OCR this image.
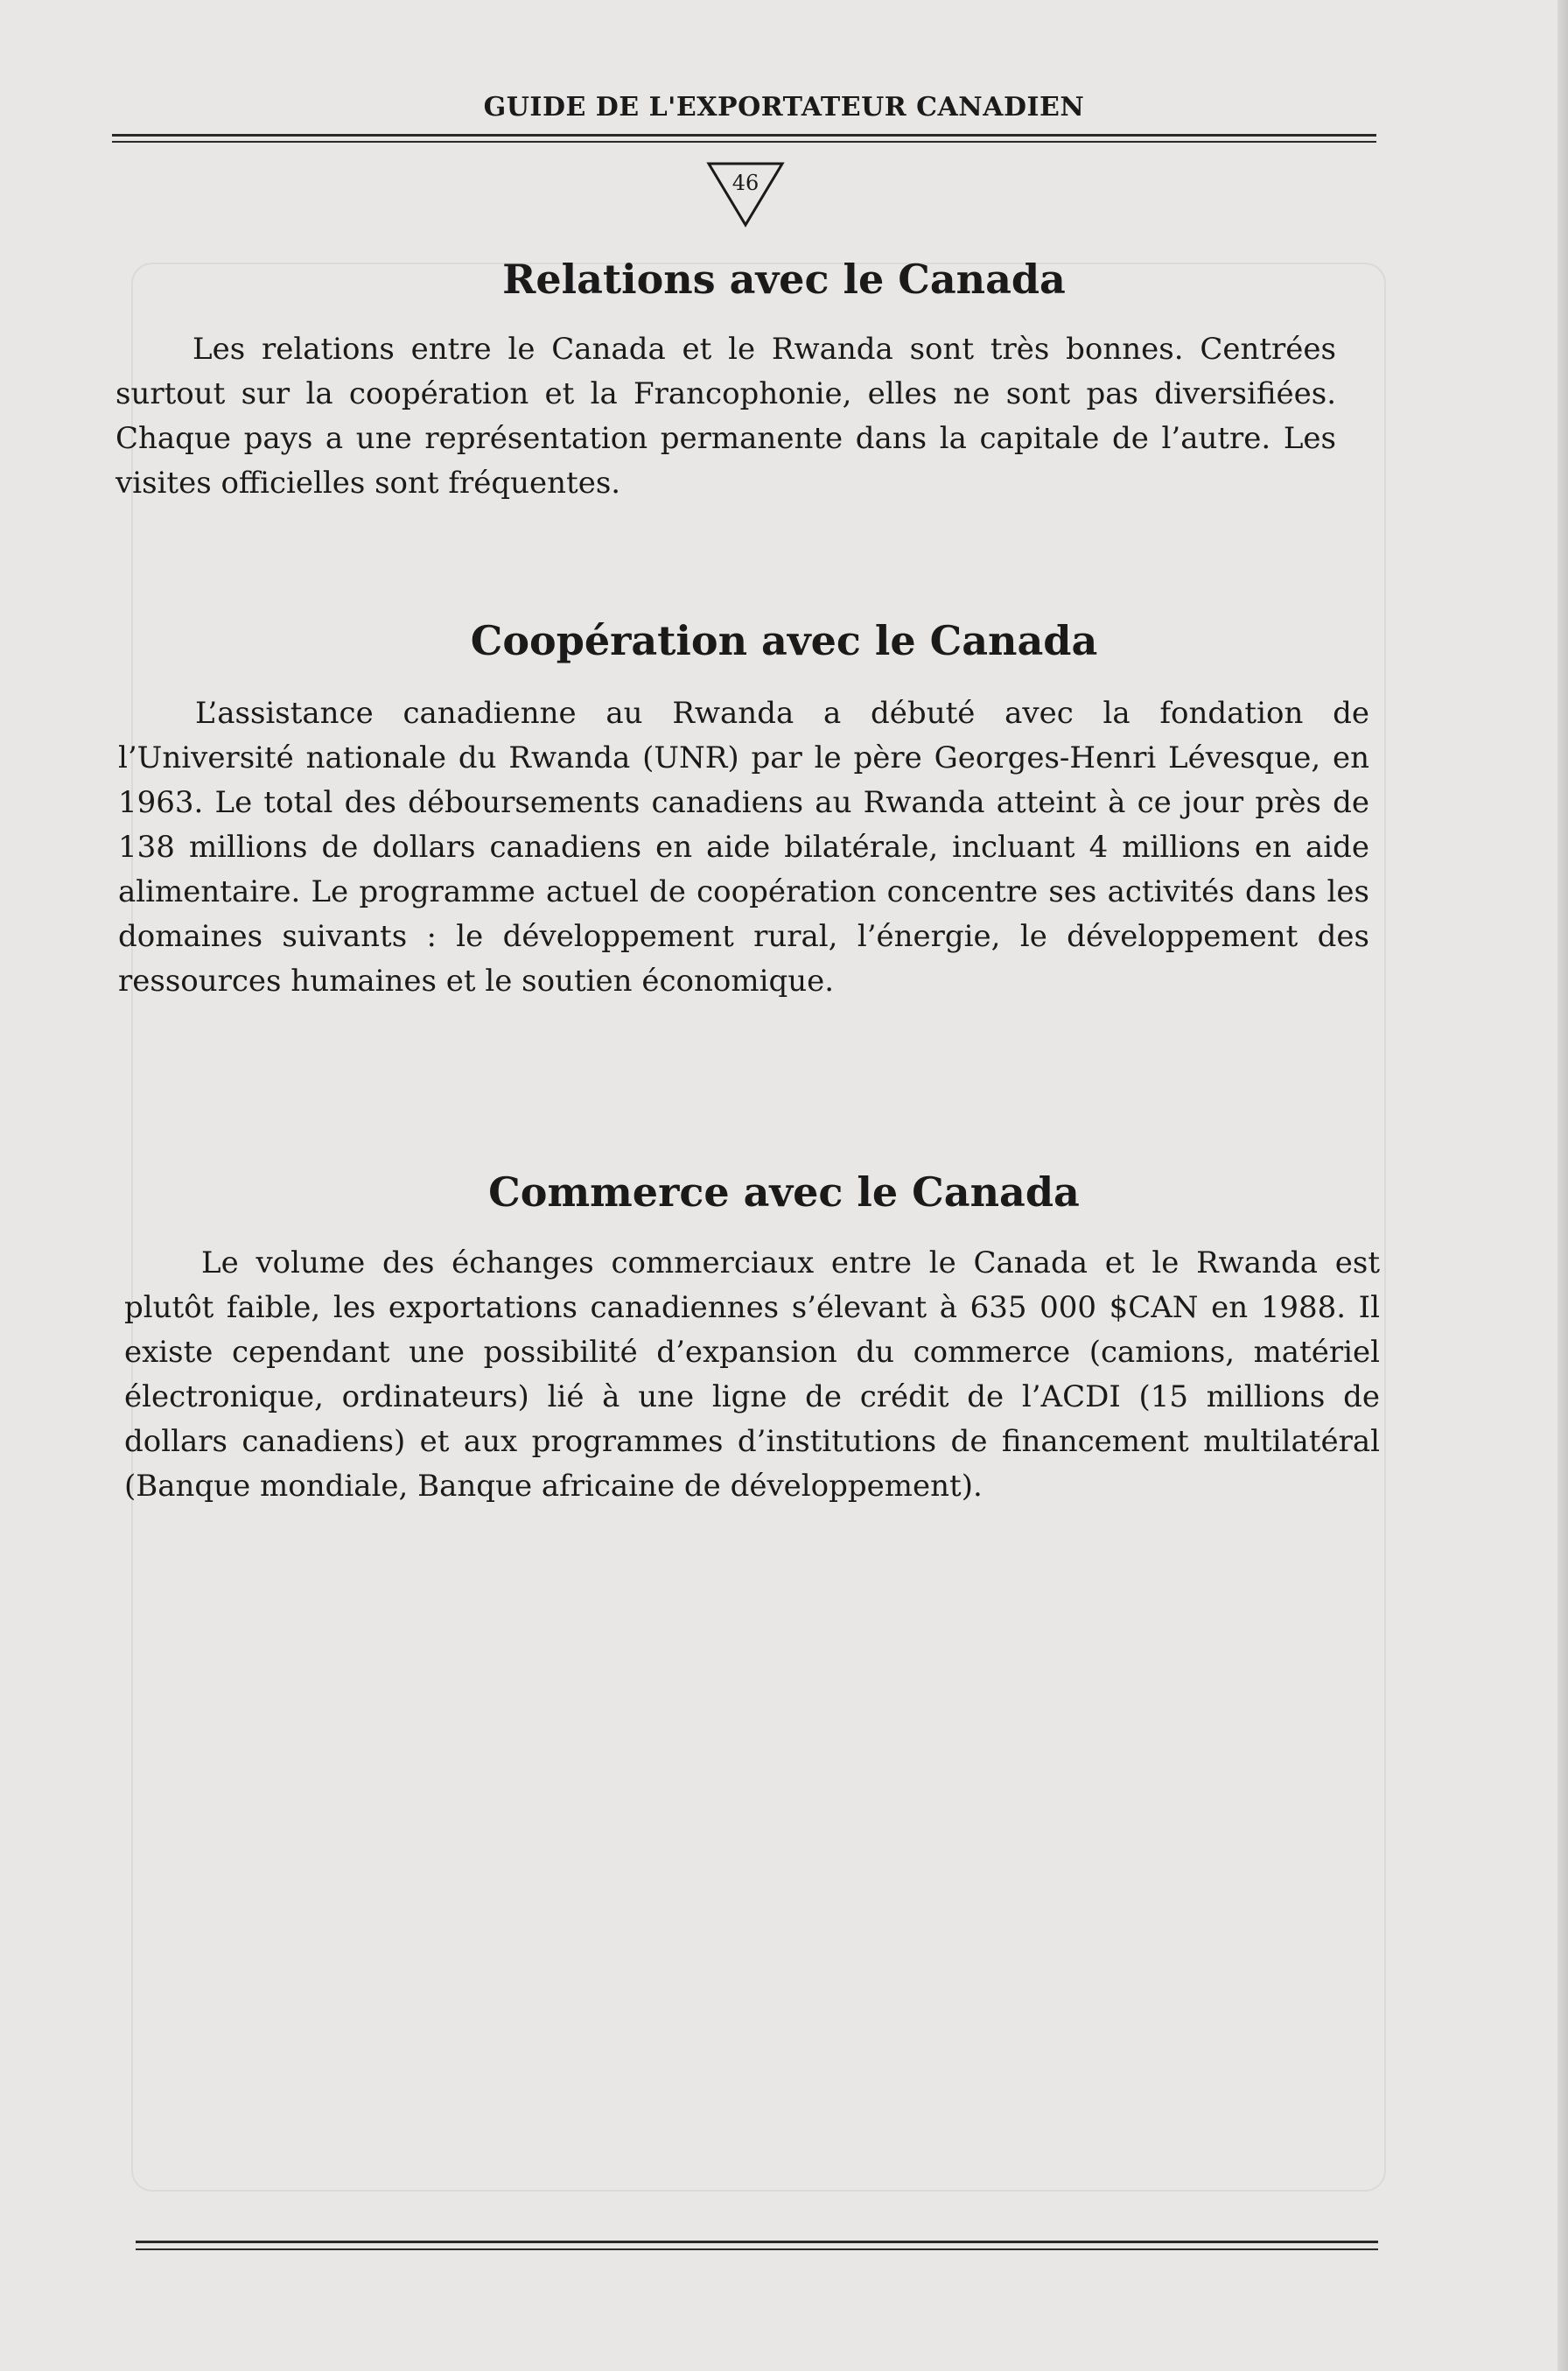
GUIDE DE L'EXPORTATEUR CANADIEN
46
Relations avec le Canada

Les relations entre le Canada et le Rwanda sont très bonnes. Centrées surtout sur la coopération et la Francophonie, elles ne sont pas diversifiées. Chaque pays a une représentation permanente dans la capitale de l’autre. Les visites officielles sont fréquentes.

Coopération avec le Canada

L’assistance canadienne au Rwanda a débuté avec la fondation de l’Université nationale du Rwanda (UNR) par le père Georges-Henri Lévesque, en 1963. Le total des déboursements canadiens au Rwanda atteint à ce jour près de 138 millions de dollars canadiens en aide bilatérale, incluant 4 millions en aide alimentaire. Le programme actuel de coopération concentre ses activités dans les domaines suivants : le développement rural, l’énergie, le développement des ressources humaines et le soutien économique.

Commerce avec le Canada

Le volume des échanges commerciaux entre le Canada et le Rwanda est plutôt faible, les exportations canadiennes s’élevant à 635 000 $CAN en 1988. Il existe cependant une possibilité d’expansion du commerce (camions, matériel électronique, ordinateurs) lié à une ligne de crédit de l’ACDI (15 millions de dollars canadiens) et aux programmes d’institutions de financement multilatéral (Banque mondiale, Banque africaine de développement).
